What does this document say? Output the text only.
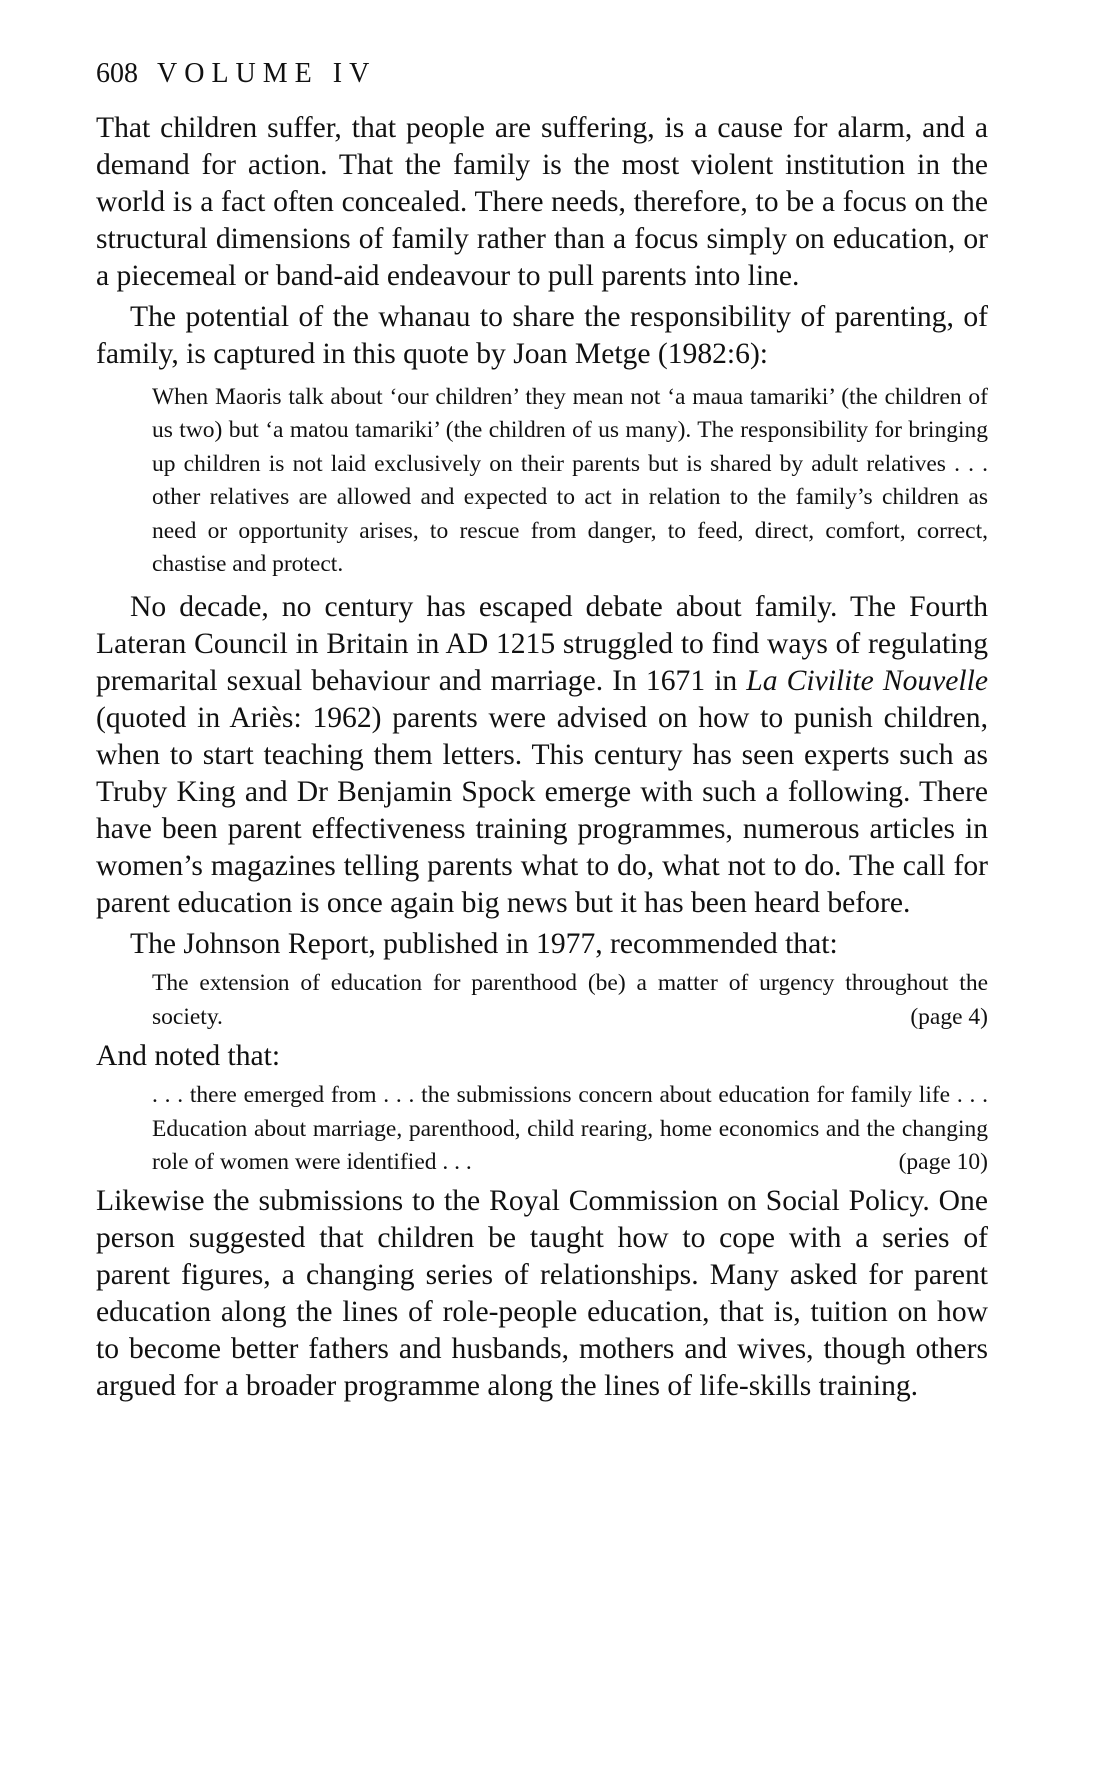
608 VOLUME IV

That children suffer, that people are suffering, is a cause for alarm, and a demand for action. That the family is the most violent institution in the world is a fact often concealed. There needs, therefore, to be a focus on the structural dimensions of family rather than a focus simply on education, or a piecemeal or band-aid endeavour to pull parents into line.

The potential of the whanau to share the responsibility of parenting, of family, is captured in this quote by Joan Metge (1982:6):

When Maoris talk about ‘our children’ they mean not ‘a maua tamariki’ (the children of us two) but ‘a matou tamariki’ (the children of us many). The responsibility for bringing up children is not laid exclusively on their parents but is shared by adult relatives . . . other relatives are allowed and expected to act in relation to the family’s children as need or opportunity arises, to rescue from danger, to feed, direct, comfort, correct, chastise and protect.

No decade, no century has escaped debate about family. The Fourth Lateran Council in Britain in AD 1215 struggled to find ways of regulating premarital sexual behaviour and marriage. In 1671 in La Civilite Nouvelle (quoted in Ariès: 1962) parents were advised on how to punish children, when to start teaching them letters. This century has seen experts such as Truby King and Dr Benjamin Spock emerge with such a following. There have been parent effectiveness training programmes, numerous articles in women’s magazines telling parents what to do, what not to do. The call for parent education is once again big news but it has been heard before.

The Johnson Report, published in 1977, recommended that:

The extension of education for parenthood (be) a matter of urgency throughout the society.	(page 4)

And noted that:

. . . there emerged from . . . the submissions concern about education for family life . . . Education about marriage, parenthood, child rearing, home economics and the changing role of women were identified . . .	(page 10)

Likewise the submissions to the Royal Commission on Social Policy. One person suggested that children be taught how to cope with a series of parent figures, a changing series of relationships. Many asked for parent education along the lines of role-people education, that is, tuition on how to become better fathers and husbands, mothers and wives, though others argued for a broader programme along the lines of life-skills training.
